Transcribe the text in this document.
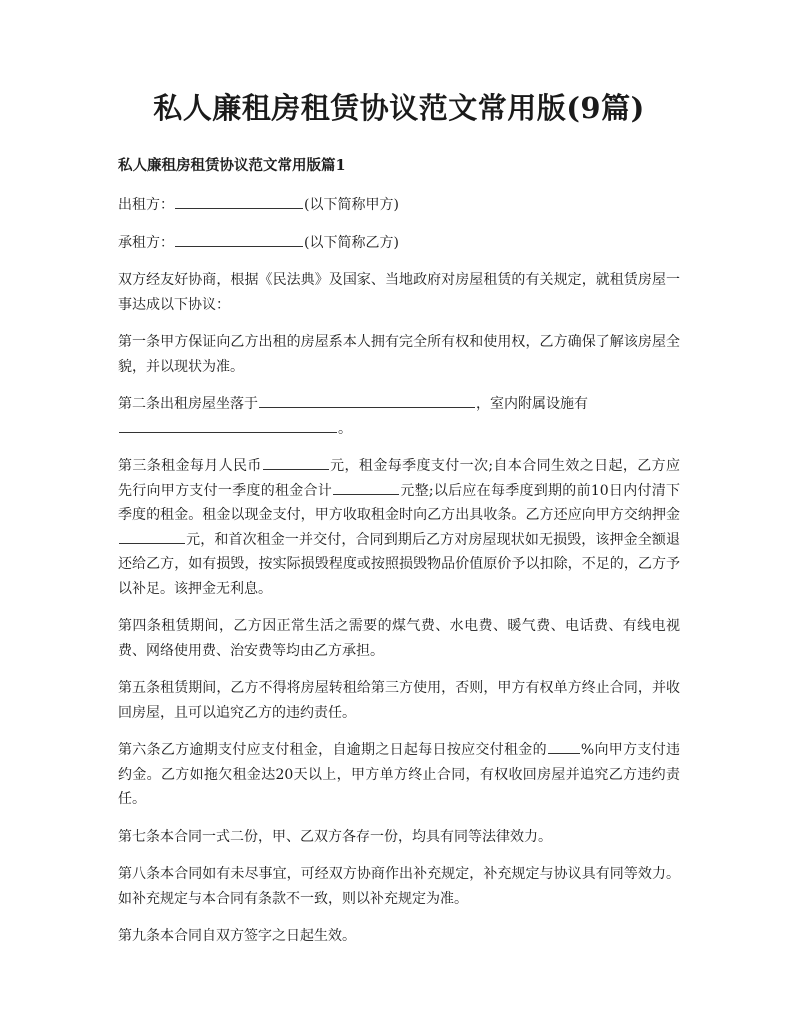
私人廉租房租赁协议范文常用版(9篇)
私人廉租房租赁协议范文常用版篇1

出租方：	(以下简称甲方)

承租方：	(以下简称乙方)

双方经友好协商，根据《民法典》及国家、当地政府对房屋租赁的有关规定，就租赁房屋一事达成以下协议：

第一条甲方保证向乙方出租的房屋系本人拥有完全所有权和使用权，乙方确保了解该房屋全貌，并以现状为准。

第二条出租房屋坐落于	，室内附属设施有
。

第三条租金每月人民币	元，租金每季度支付一次;自本合同生效之日起，乙方应先行向甲方支付一季度的租金合计	元整;以后应在每季度到期的前10日内付清下季度的租金。租金以现金支付，甲方收取租金时向乙方出具收条。乙方还应向甲方交纳押金元，和首次租金一并交付，合同到期后乙方对房屋现状如无损毁，该押金全额退还给乙方，如有损毁，按实际损毁程度或按照损毁物品价值原价予以扣除，不足的，乙方予以补足。该押金无利息。

第四条租赁期间，乙方因正常生活之需要的煤气费、水电费、暖气费、电话费、有线电视费、网络使用费、治安费等均由乙方承担。

第五条租赁期间，乙方不得将房屋转租给第三方使用，否则，甲方有权单方终止合同，并收回房屋，且可以追究乙方的违约责任。

第六条乙方逾期支付应支付租金，自逾期之日起每日按应交付租金的 %向甲方支付违约金。乙方如拖欠租金达20天以上，甲方单方终止合同，有权收回房屋并追究乙方违约责任。

第七条本合同一式二份，甲、乙双方各存一份，均具有同等法律效力。

第八条本合同如有未尽事宜，可经双方协商作出补充规定，补充规定与协议具有同等效力。如补充规定与本合同有条款不一致，则以补充规定为准。

第九条本合同自双方签字之日起生效。
